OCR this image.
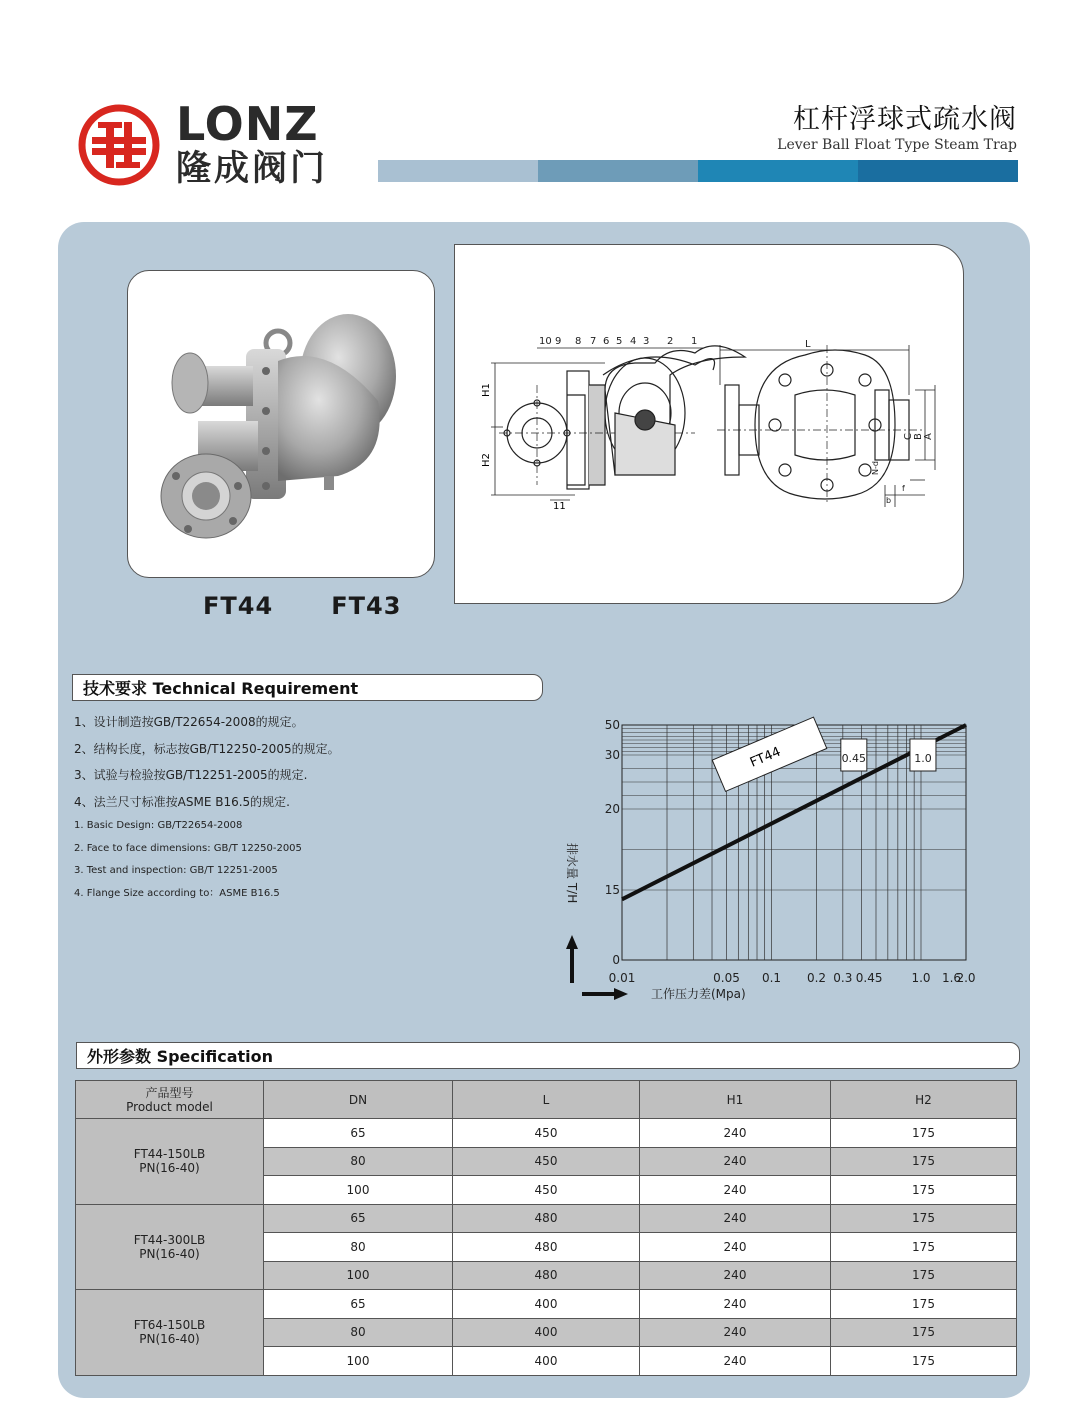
LONZ
隆成阀门
杠杆浮球式疏水阀
Lever Ball Float Type Steam Trap
10 9 8 7 6 5 4 3 2 1
H1
H2
11
L
C B A
N-d
b
f
FT44   FT43
技术要求 Technical Requirement
1、设计制造按GB/T22654-2008的规定。
2、结构长度，标志按GB/T12250-2005的规定。
3、试验与检验按GB/T12251-2005的规定.
4、法兰尺寸标准按ASME B16.5的规定.
1. Basic Design: GB/T22654-2008
2. Face to face dimensions: GB/T 12250-2005
3. Test and inspection: GB/T 12251-2005
4. Flange Size according to：ASME B16.5
0.01	0.05 0.1 0.2 0.3 0.45 1.0 1.6
2.0
0
15
20
30
50
FT44	0.45	1.0
工作压力差(Mpa)
排水量 T/H
外形参数 Specification
产品型号
Product model	DN	L	H1	H2

FT44-150LB
PN(16-40)	65	450	240	175
	80	450	240	175
	100	450	240	175

FT44-300LB
PN(16-40)	65	480	240	175
	80	480	240	175
	100	480	240	175

FT64-150LB
PN(16-40)	65	400	240	175
	80	400	240	175
	100	400	240	175
